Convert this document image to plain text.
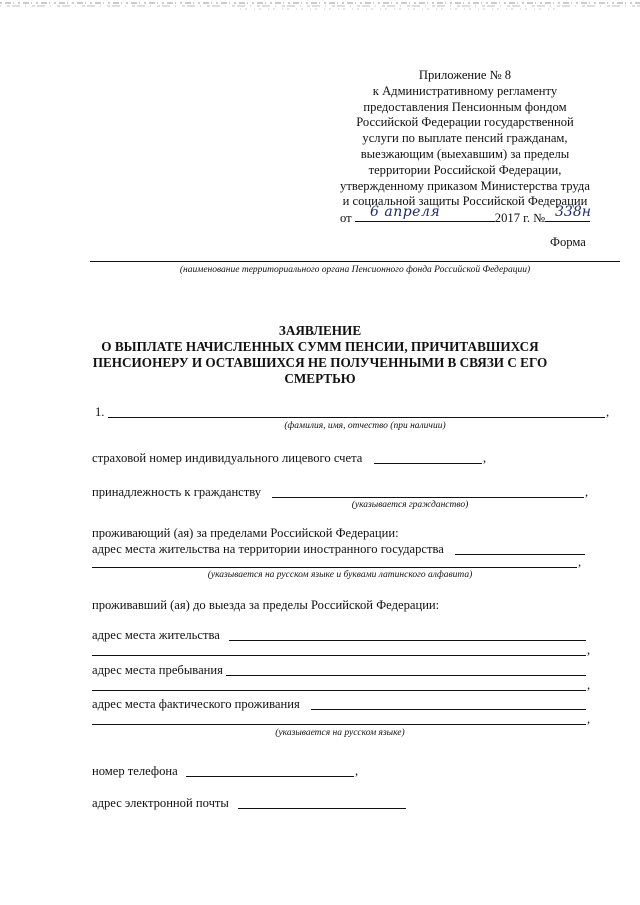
Приложение № 8
к Административному регламенту
предоставления Пенсионным фондом
Российской Федерации государственной
услуги по выплате пенсий гражданам,
выезжающим (выехавшим) за пределы
территории Российской Федерации,
утвержденному приказом Министерства труда
и социальной защиты Российской Федерации
от	2017 г. №
6 апреля	338н
Форма
(наименование территориального органа Пенсионного фонда Российской Федерации)
ЗАЯВЛЕНИЕ
О ВЫПЛАТЕ НАЧИСЛЕННЫХ СУММ ПЕНСИИ, ПРИЧИТАВШИХСЯ
ПЕНСИОНЕРУ И ОСТАВШИХСЯ НЕ ПОЛУЧЕННЫМИ В СВЯЗИ С ЕГО
СМЕРТЬЮ
1.	,
(фамилия, имя, отчество (при наличии)
страховой номер индивидуального лицевого счета	,
принадлежность к гражданству	,
(указывается гражданство)
проживающий (ая) за пределами Российской Федерации:
адрес места жительства на территории иностранного государства
,
(указывается на русском языке и буквами латинского алфавита)
проживавший (ая) до выезда за пределы Российской Федерации:
адрес места жительства
,
адрес места пребывания
,
адрес места фактического проживания
,
(указывается на русском языке)
номер телефона	,
адрес электронной почты
